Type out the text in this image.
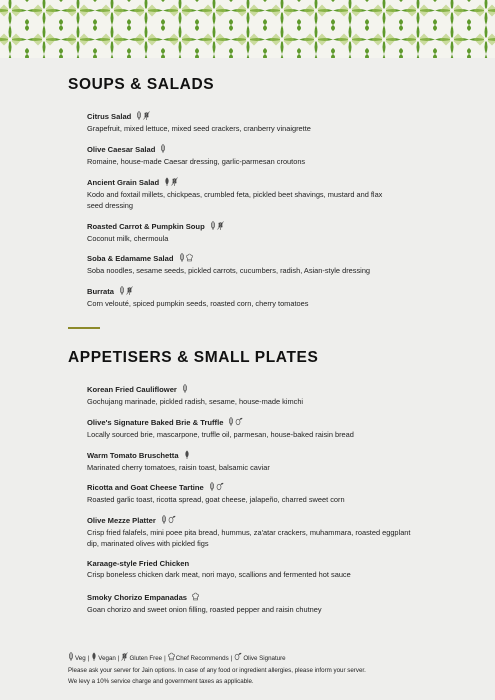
SOUPS & SALADS
Citrus Salad
Grapefruit, mixed lettuce, mixed seed crackers, cranberry vinaigrette
Olive Caesar Salad
Romaine, house-made Caesar dressing, garlic-parmesan croutons
Ancient Grain Salad
Kodo and foxtail millets, chickpeas, crumbled feta, pickled beet shavings, mustard and flax seed dressing
Roasted Carrot & Pumpkin Soup
Coconut milk, chermoula
Soba & Edamame Salad
Soba noodles, sesame seeds, pickled carrots, cucumbers, radish, Asian-style dressing
Burrata
Corn velouté, spiced pumpkin seeds, roasted corn, cherry tomatoes
APPETISERS & SMALL PLATES
Korean Fried Cauliflower
Gochujang marinade, pickled radish, sesame, house-made kimchi
Olive's Signature Baked Brie & Truffle
Locally sourced brie, mascarpone, truffle oil, parmesan, house-baked raisin bread
Warm Tomato Bruschetta
Marinated cherry tomatoes, raisin toast, balsamic caviar
Ricotta and Goat Cheese Tartine
Roasted garlic toast, ricotta spread, goat cheese, jalapeño, charred sweet corn
Olive Mezze Platter
Crisp fried falafels, mini poee pita bread, hummus, za'atar crackers, muhammara, roasted eggplant dip, marinated olives with pickled figs
Karaage-style Fried Chicken
Crisp boneless chicken dark meat, nori mayo, scallions and fermented hot sauce
Smoky Chorizo Empanadas
Goan chorizo and sweet onion filling, roasted pepper and raisin chutney
Veg | Vegan | Gluten Free | Chef Recommends | Olive Signature
Please ask your server for Jain options. In case of any food or ingredient allergies, please inform your server.
We levy a 10% service charge and government taxes as applicable.
